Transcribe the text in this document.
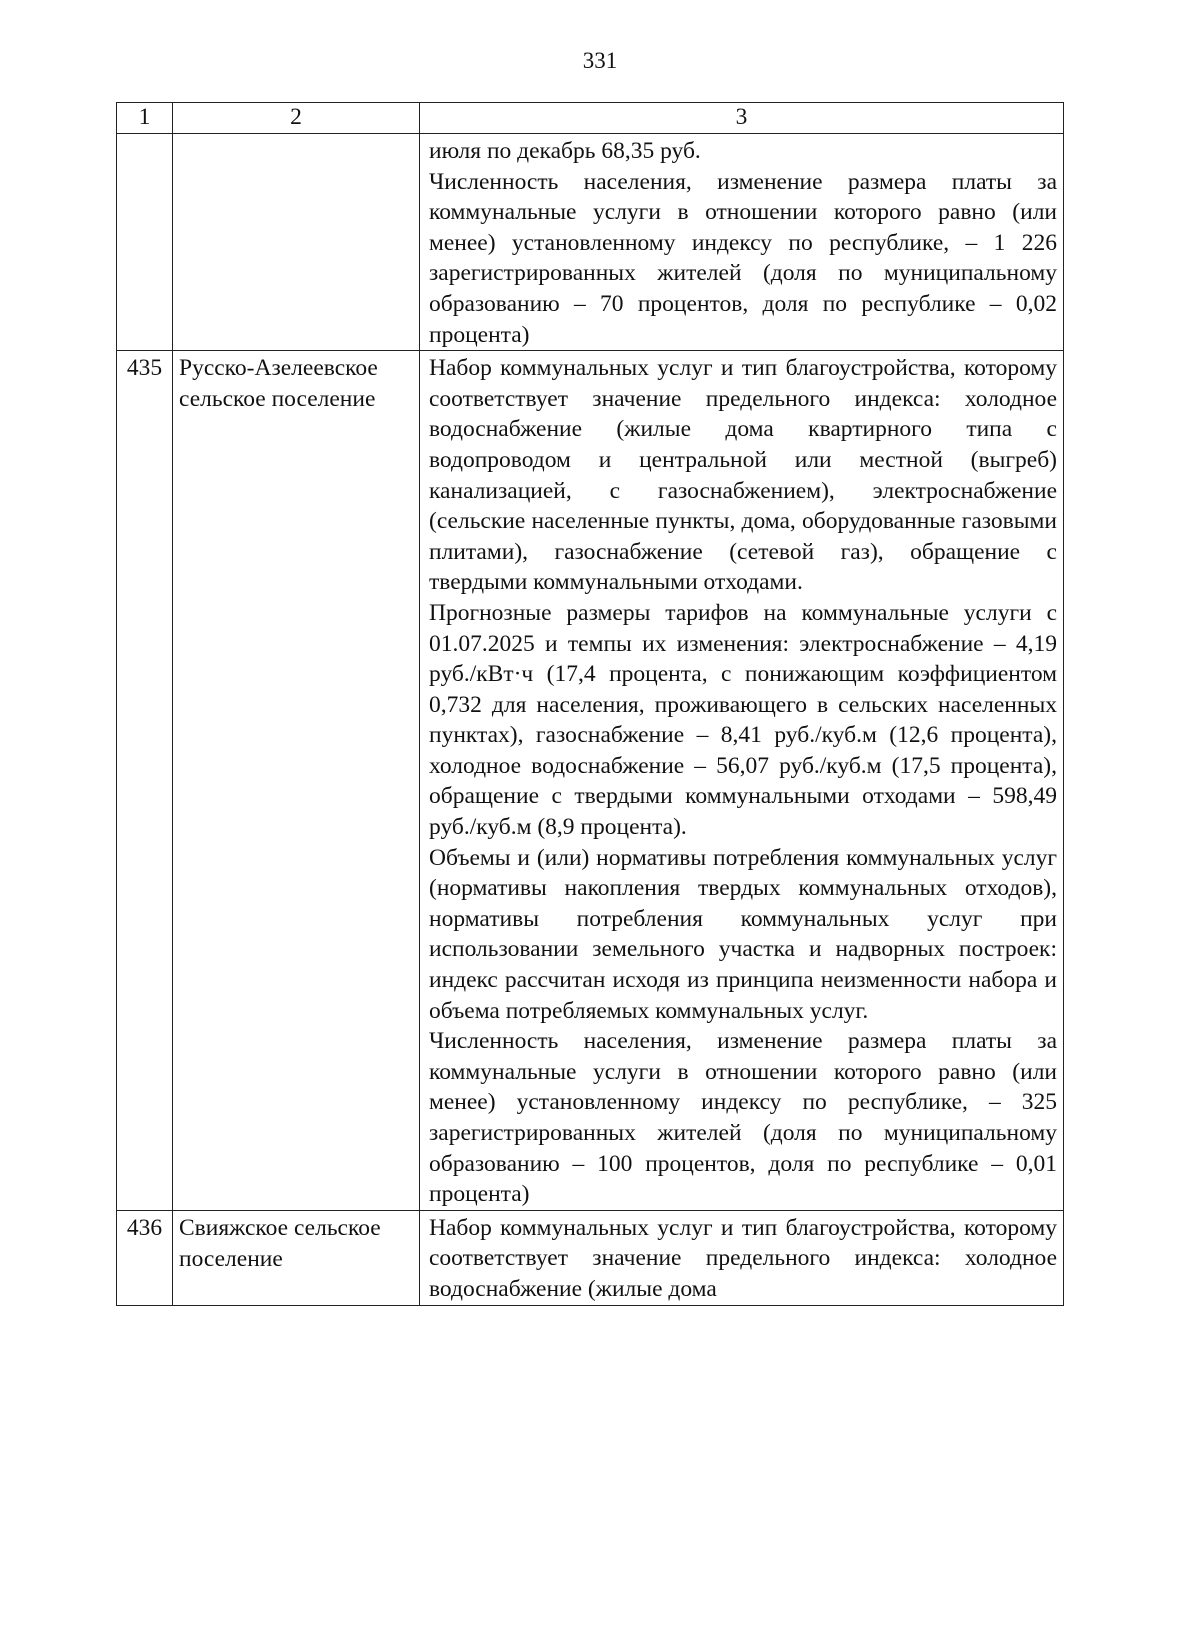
331
1	2	3

		июля по декабрь 68,35 руб.

Численность населения, изменение размера платы за коммунальные услуги в отношении которого равно (или менее) установленному индексу по республике, – 1 226 зарегистрированных жителей (доля по муниципальному образованию – 70 процентов, доля по республике – 0,02 процента)

435	Русско-Азелеевское сельское поселение	Набор коммунальных услуг и тип благоустройства, которому соответствует значение предельного индекса: холодное водоснабжение (жилые дома квартирного типа с водопроводом и центральной или местной (выгреб) канализацией, с газоснабжением), электроснабжение (сельские населенные пункты, дома, оборудованные газовыми плитами), газоснабжение (сетевой газ), обращение с твердыми коммунальными отходами.

Прогнозные размеры тарифов на коммунальные услуги с 01.07.2025 и темпы их изменения: электроснабжение – 4,19 руб./кВт·ч (17,4 процента, с понижающим коэффициентом 0,732 для населения, проживающего в сельских населенных пунктах), газоснабжение – 8,41 руб./куб.м (12,6 процента), холодное водоснабжение – 56,07 руб./куб.м (17,5 процента), обращение с твердыми коммунальными отходами – 598,49 руб./куб.м (8,9 процента).

Объемы и (или) нормативы потребления коммунальных услуг (нормативы накопления твердых коммунальных отходов), нормативы потребления коммунальных услуг при использовании земельного участка и надворных построек: индекс рассчитан исходя из принципа неизменности набора и объема потребляемых коммунальных услуг.

Численность населения, изменение размера платы за коммунальные услуги в отношении которого равно (или менее) установленному индексу по республике, – 325 зарегистрированных жителей (доля по муниципальному образованию – 100 процентов, доля по республике – 0,01 процента)

436	Свияжское сельское поселение	Набор коммунальных услуг и тип благоустройства, которому соответствует значение предельного индекса: холодное водоснабжение (жилые дома
